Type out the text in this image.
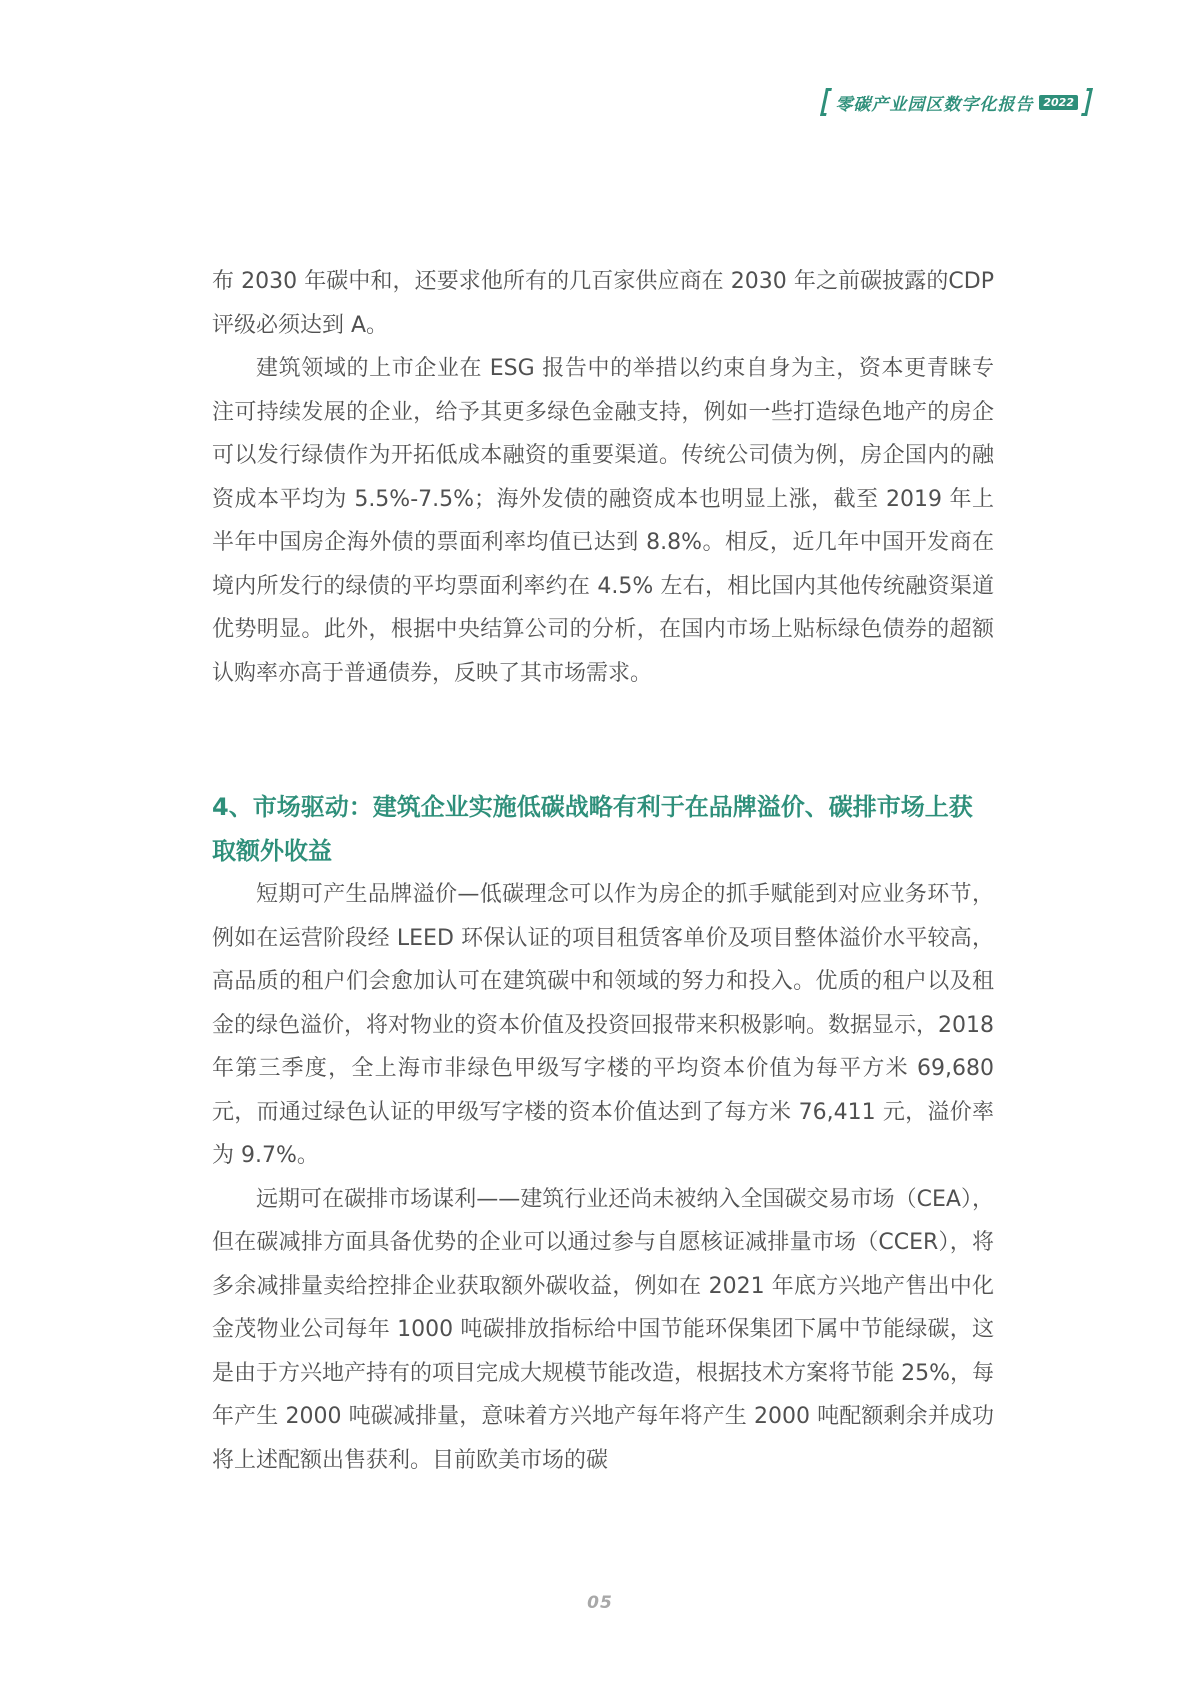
零碳产业园区数字化报告 2022

布 2030 年碳中和，还要求他所有的几百家供应商在 2030 年之前碳披露的CDP 评级必须达到 A。

建筑领域的上市企业在 ESG 报告中的举措以约束自身为主，资本更青睐专注可持续发展的企业，给予其更多绿色金融支持，例如一些打造绿色地产的房企可以发行绿债作为开拓低成本融资的重要渠道。传统公司债为例，房企国内的融资成本平均为 5.5%-7.5%；海外发债的融资成本也明显上涨，截至 2019 年上半年中国房企海外债的票面利率均值已达到 8.8%。相反，近几年中国开发商在境内所发行的绿债的平均票面利率约在 4.5% 左右，相比国内其他传统融资渠道优势明显。此外，根据中央结算公司的分析，在国内市场上贴标绿色债券的超额认购率亦高于普通债券，反映了其市场需求。

4、市场驱动：建筑企业实施低碳战略有利于在品牌溢价、碳排市场上获取额外收益

短期可产生品牌溢价—低碳理念可以作为房企的抓手赋能到对应业务环节，例如在运营阶段经 LEED 环保认证的项目租赁客单价及项目整体溢价水平较高，高品质的租户们会愈加认可在建筑碳中和领域的努力和投入。优质的租户以及租金的绿色溢价，将对物业的资本价值及投资回报带来积极影响。数据显示，2018 年第三季度，全上海市非绿色甲级写字楼的平均资本价值为每平方米 69,680 元，而通过绿色认证的甲级写字楼的资本价值达到了每方米 76,411 元，溢价率为 9.7%。

远期可在碳排市场谋利——建筑行业还尚未被纳入全国碳交易市场（CEA），但在碳减排方面具备优势的企业可以通过参与自愿核证减排量市场（CCER），将多余减排量卖给控排企业获取额外碳收益，例如在 2021 年底方兴地产售出中化金茂物业公司每年 1000 吨碳排放指标给中国节能环保集团下属中节能绿碳，这是由于方兴地产持有的项目完成大规模节能改造，根据技术方案将节能 25%，每年产生 2000 吨碳减排量，意味着方兴地产每年将产生 2000 吨配额剩余并成功将上述配额出售获利。目前欧美市场的碳

05
